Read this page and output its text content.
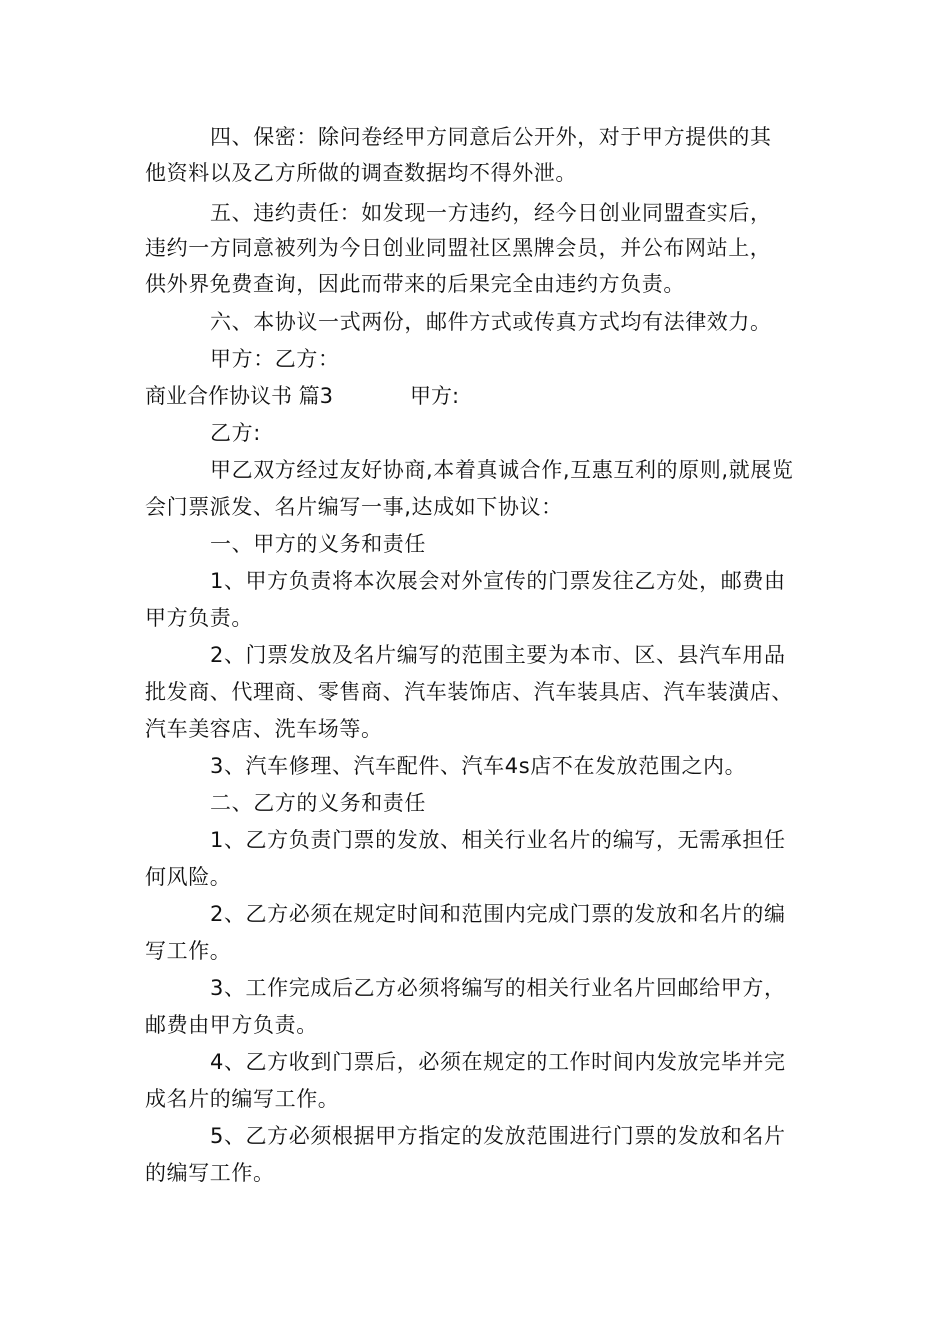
四、保密：除问卷经甲方同意后公开外，对于甲方提供的其
他资料以及乙方所做的调查数据均不得外泄。
五、违约责任：如发现一方违约，经今日创业同盟查实后，
违约一方同意被列为今日创业同盟社区黑牌会员，并公布网站上，
供外界免费查询，因此而带来的后果完全由违约方负责。
六、本协议一式两份，邮件方式或传真方式均有法律效力。
甲方：乙方：
商业合作协议书 篇3	甲方:
乙方:
甲乙双方经过友好协商,本着真诚合作,互惠互利的原则,就展览
会门票派发、名片编写一事,达成如下协议：
一、甲方的义务和责任
1、甲方负责将本次展会对外宣传的门票发往乙方处，邮费由
甲方负责。
2、门票发放及名片编写的范围主要为本市、区、县汽车用品
批发商、代理商、零售商、汽车装饰店、汽车装具店、汽车装潢店、
汽车美容店、洗车场等。
3、汽车修理、汽车配件、汽车4s店不在发放范围之内。
二、乙方的义务和责任
1、乙方负责门票的发放、相关行业名片的编写，无需承担任
何风险。
2、乙方必须在规定时间和范围内完成门票的发放和名片的编
写工作。
3、工作完成后乙方必须将编写的相关行业名片回邮给甲方，
邮费由甲方负责。
4、乙方收到门票后，必须在规定的工作时间内发放完毕并完
成名片的编写工作。
5、乙方必须根据甲方指定的发放范围进行门票的发放和名片
的编写工作。
